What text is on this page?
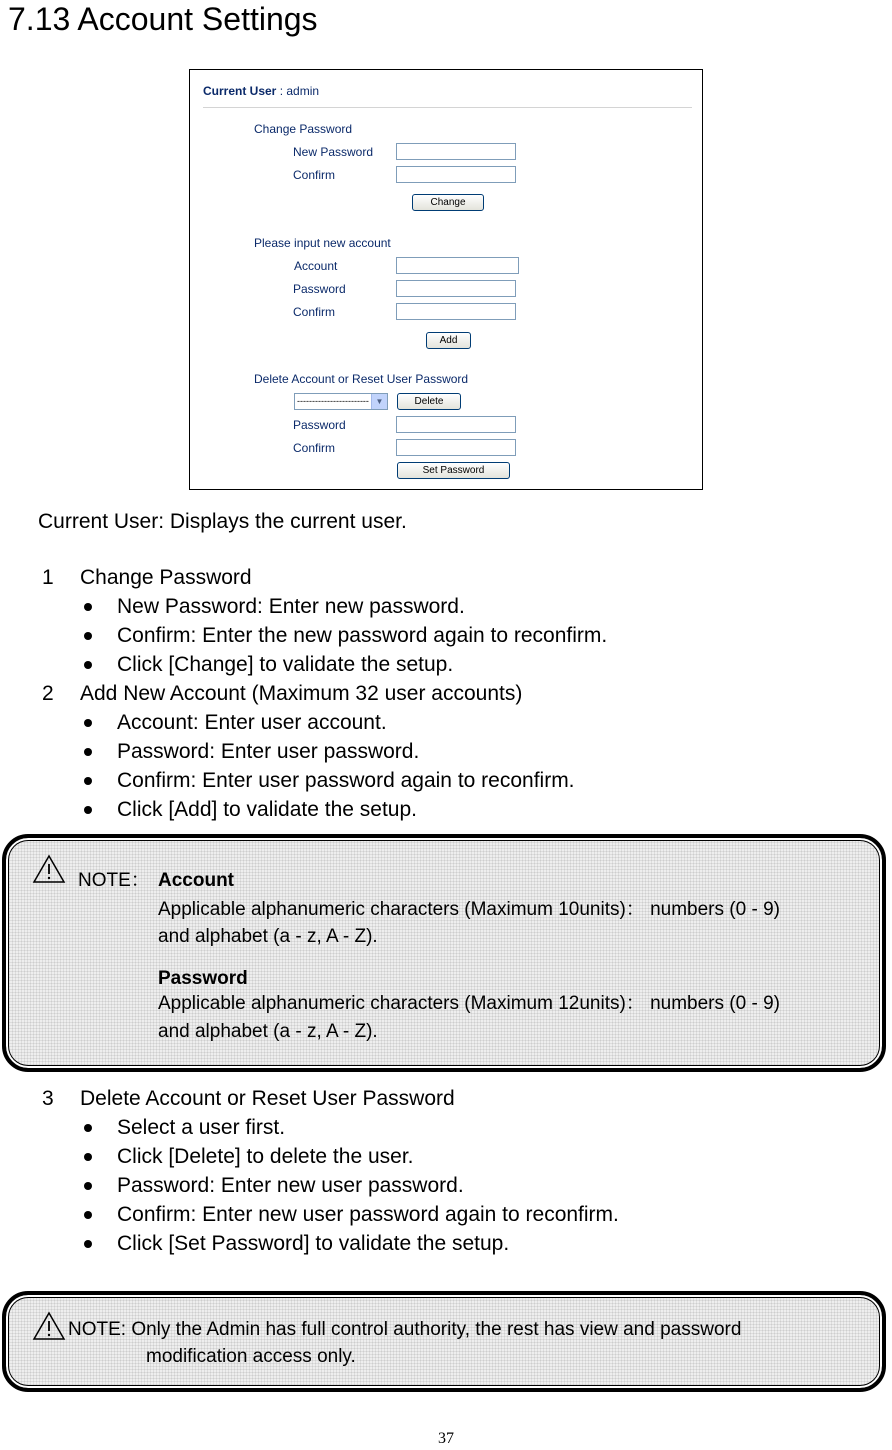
7.13 Account Settings
Current User : admin
Change Password
New Password
Confirm
Change
Please input new account
Account
Password
Confirm
Add
Delete Account or Reset User Password
------------------------ ▼	Delete
Password
Confirm
Set Password
Current User: Displays the current user.
1 Change Password
New Password: Enter new password.
Confirm: Enter the new password again to reconfirm.
Click [Change] to validate the setup.
2 Add New Account (Maximum 32 user accounts)
Account: Enter user account.
Password: Enter user password.
Confirm: Enter user password again to reconfirm.
Click [Add] to validate the setup.
NOTE： Account
Applicable alphanumeric characters (Maximum 10units)： numbers (0 - 9)
and alphabet (a - z, A - Z).
Password
Applicable alphanumeric characters (Maximum 12units)： numbers (0 - 9)
and alphabet (a - z, A - Z).
3 Delete Account or Reset User Password
Select a user first.
Click [Delete] to delete the user.
Password: Enter new user password.
Confirm: Enter new user password again to reconfirm.
Click [Set Password] to validate the setup.
NOTE: Only the Admin has full control authority, the rest has view and password
modification access only.
37
